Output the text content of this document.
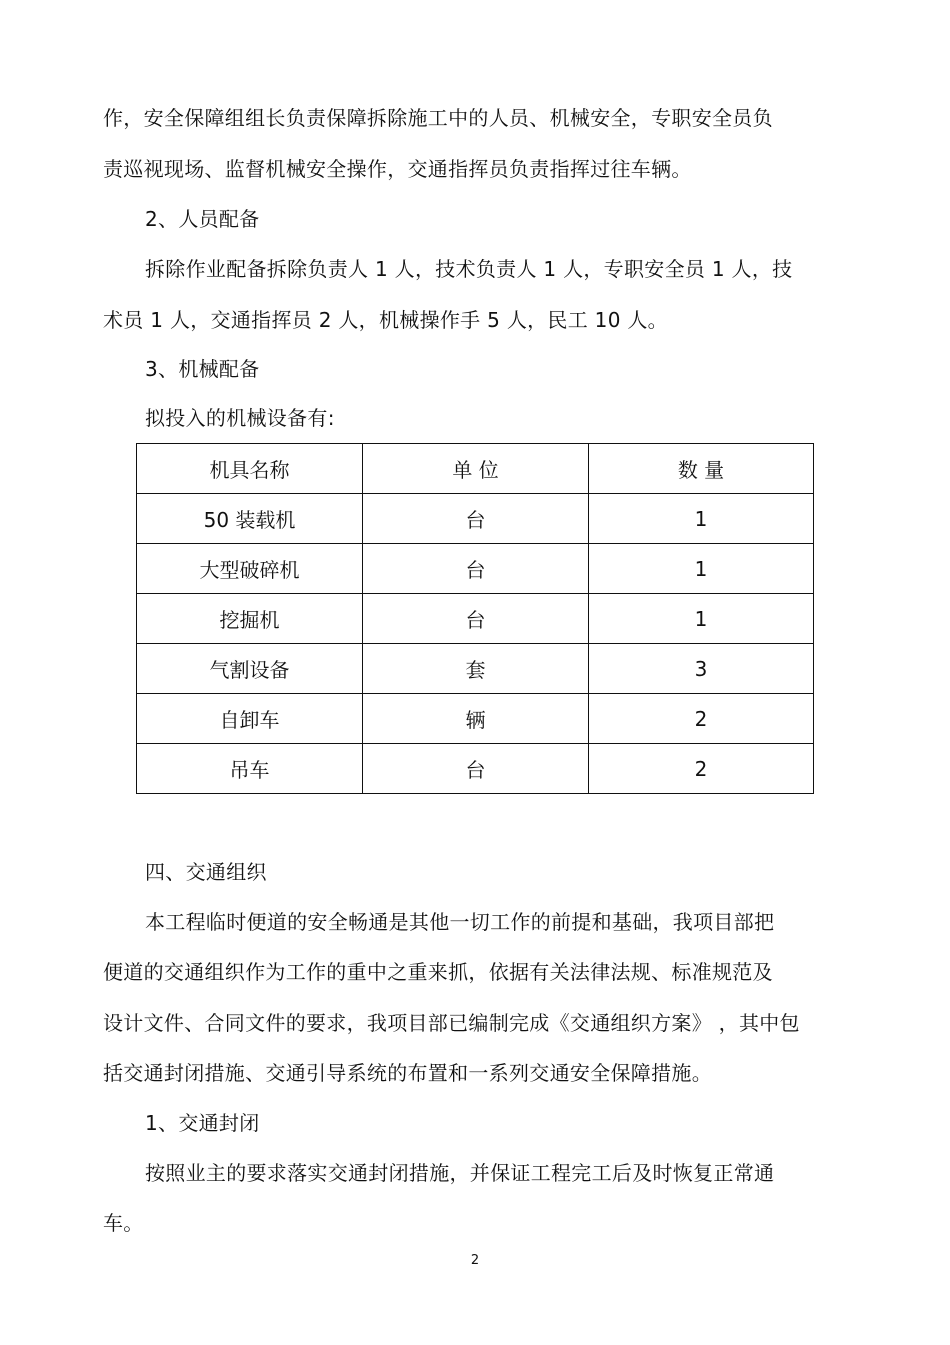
作，安全保障组组长负责保障拆除施工中的人员、机械安全，专职安全员负
责巡视现场、监督机械安全操作，交通指挥员负责指挥过往车辆。
2、人员配备
拆除作业配备拆除负责人 1 人，技术负责人 1 人，专职安全员 1 人，技
术员 1 人，交通指挥员 2 人，机械操作手 5 人，民工 10 人。
3、机械配备
拟投入的机械设备有:
机具名称	单 位	数 量
50 装载机	台	1
大型破碎机	台	1
挖掘机	台	1
气割设备	套	3
自卸车	辆	2
吊车	台	2
四、交通组织
本工程临时便道的安全畅通是其他一切工作的前提和基础，我项目部把
便道的交通组织作为工作的重中之重来抓，依据有关法律法规、标准规范及
设计文件、合同文件的要求，我项目部已编制完成《交通组织方案》 ，其中包
括交通封闭措施、交通引导系统的布置和一系列交通安全保障措施。
1、交通封闭
按照业主的要求落实交通封闭措施，并保证工程完工后及时恢复正常通
车。
2
